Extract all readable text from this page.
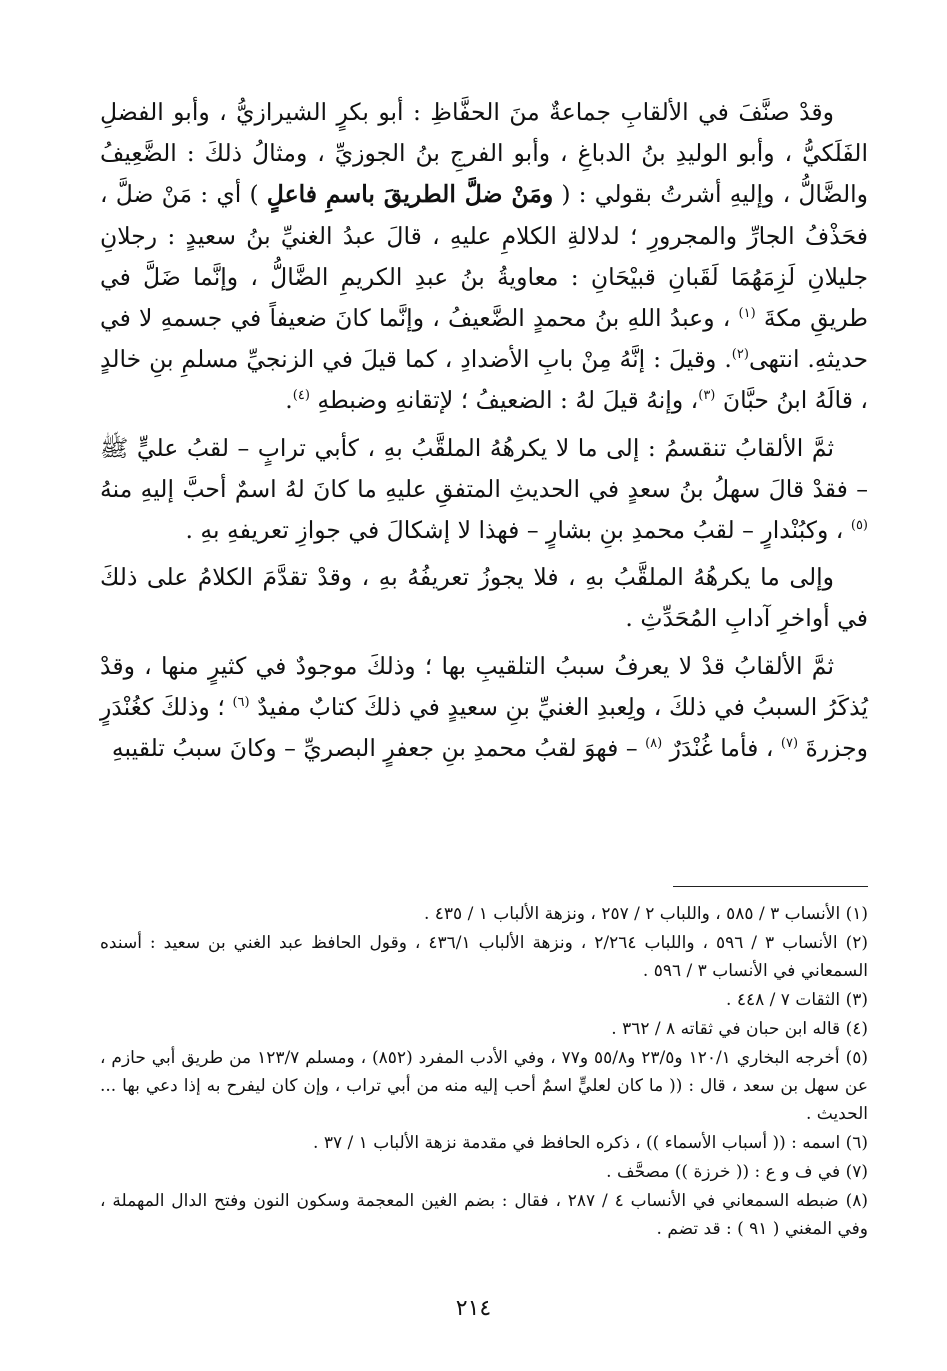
وقدْ صنَّفَ في الألقابِ جماعةٌ منَ الحفَّاظِ : أبو بكرٍ الشيرازيُّ ، وأبو الفضلِ الفَلَكيُّ ، وأبو الوليدِ بنُ الدباغِ ، وأبو الفرجِ بنُ الجوزيِّ ، ومثالُ ذلكَ : الضَّعِيفُ والضَّالُّ ، وإليهِ أشرتُ بقولي : ( ومَنْ ضلَّ الطريقَ باسمِ فاعلٍ ) أي : مَنْ ضلَّ ، فحَذْفُ الجارِّ والمجرورِ ؛ لدلالةِ الكلامِ عليهِ ، قالَ عبدُ الغنيِّ بنُ سعيدٍ : رجلانِ جليلانِ لَزِمَهُمَا لَقَبانِ قبيْحَانِ : معاويةُ بنُ عبدِ الكريمِ الضَّالُّ ، وإنَّما ضَلَّ في طريقِ مكةَ $^{(١)}$ ، وعبدُ اللهِ بنُ محمدٍ الضَّعيفُ ، وإنَّما كانَ ضعيفاً في جسمهِ لا في حديثهِ. انتهى$^{(٢)}$. وقيلَ : إنَّهُ مِنْ بابِ الأضدادِ ، كما قيلَ في الزنجيِّ مسلمِ بنِ خالدٍ ، قالَهُ ابنُ حبَّانَ $^{(٣)}$، وإنهُ قيلَ لهُ : الضعيفُ ؛ لإتقانهِ وضبطهِ $^{(٤)}$.

ثمَّ الألقابُ تنقسمُ : إلى ما لا يكرهُهُ الملقَّبُ بهِ ، كأبي ترابٍ – لقبُ عليٍّ ﷺ – فقدْ قالَ سهلُ بنُ سعدٍ في الحديثِ المتفقِ عليهِ ما كانَ لهُ اسمٌ أحبَّ إليهِ منهُ $^{(٥)}$ ، وكبُنْدارٍ – لقبُ محمدِ بنِ بشارٍ – فهذا لا إشكالَ في جوازِ تعريفهِ بهِ .

وإلى ما يكرهُهُ الملقَّبُ بهِ ، فلا يجوزُ تعريفُهُ بهِ ، وقدْ تقدَّمَ الكلامُ على ذلكَ في أواخرِ آدابِ المُحَدِّثِ .

ثمَّ الألقابُ قدْ لا يعرفُ سببُ التلقيبِ بها ؛ وذلكَ موجودٌ في كثيرٍ منها ، وقدْ يُذكَرُ السببُ في ذلكَ ، ولِعبدِ الغنيِّ بنِ سعيدٍ في ذلكَ كتابٌ مفيدٌ $^{(٦)}$ ؛ وذلكَ كغُنْدَرٍ وجزرةَ $^{(٧)}$ ، فأما غُنْدَرٌ $^{(٨)}$ – فهوَ لقبُ محمدِ بنِ جعفرٍ البصريِّ – وكانَ سببُ تلقيبهِ

(١) الأنساب ٣ / ٥٨٥ ، واللباب ٢ / ٢٥٧ ، ونزهة الألباب ١ / ٤٣٥ .

(٢) الأنساب ٣ / ٥٩٦ ، واللباب ٢/٢٦٤ ، ونزهة الألباب ٤٣٦/١ ، وقول الحافظ عبد الغني بن سعيد : أسنده السمعاني في الأنساب ٣ / ٥٩٦ .

(٣) الثقات ٧ / ٤٤٨ .

(٤) قاله ابن حبان في ثقاته ٨ / ٣٦٢ .

(٥) أخرجه البخاري ١٢٠/١ و٢٣/٥ و٥٥/٨ و٧٧ ، وفي الأدب المفرد (٨٥٢) ، ومسلم ١٢٣/٧ من طريق أبي حازم ، عن سهل بن سعد ، قال : (( ما كان لعليٍّ اسمٌ أحب إليه منه من أبي تراب ، وإن كان ليفرح به إذا دعي بها ... الحديث .

(٦) اسمه : (( أسباب الأسماء )) ، ذكره الحافظ في مقدمة نزهة الألباب ١ / ٣٧ .

(٧) في ف و ع : (( خرزة )) مصحَّف .

(٨) ضبطه السمعاني في الأنساب ٤ / ٢٨٧ ، فقال : بضم الغين المعجمة وسكون النون وفتح الدال المهملة ، وفي المغني ( ٩١ ) : قد تضم .

٢١٤
